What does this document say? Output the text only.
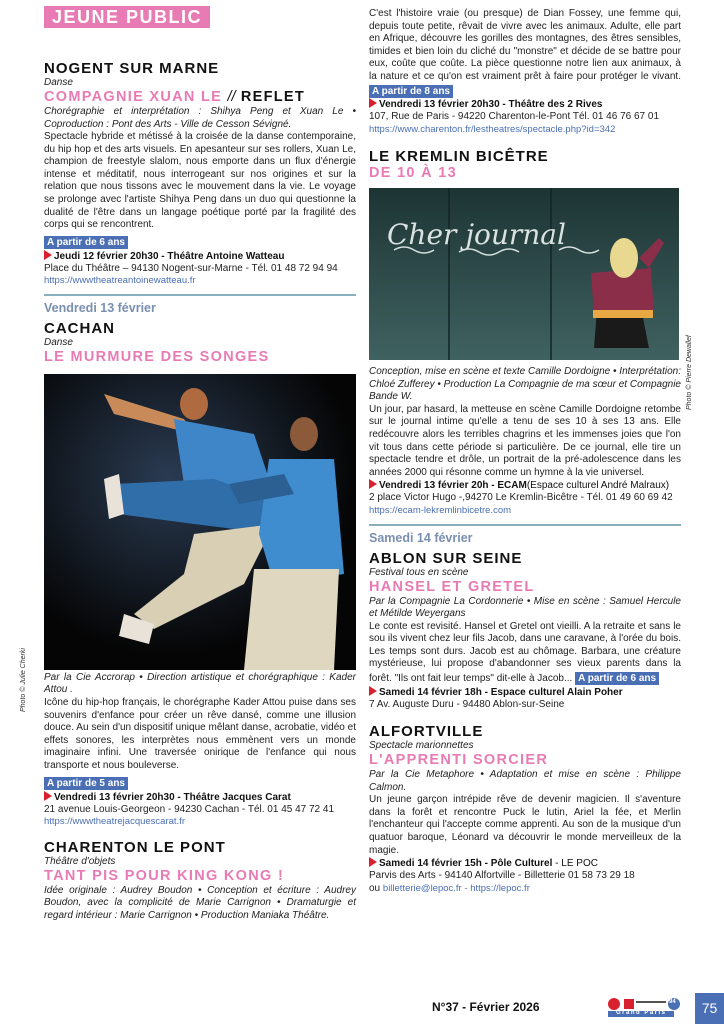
JEUNE PUBLIC
NOGENT SUR MARNE
Danse
COMPAGNIE XUAN LE // REFLET
Chorégraphie et interprétation : Shihya Peng et Xuan Le • Coproduction : Pont des Arts - Ville de Cesson Sévigné.
Spectacle hybride et métissé à la croisée de la danse contemporaine, du hip hop et des arts visuels. En apesanteur sur ses rollers, Xuan Le, champion de freestyle slalom, nous emporte dans un flux d'énergie intense et méditatif, nous interrogeant sur nos origines et sur la relation que nous tissons avec le mouvement dans la vie. Le voyage se prolonge avec l'artiste Shihya Peng dans un duo qui questionne la dualité de l'être dans un langage poétique porté par la fragilité des corps qui se rencontrent.
A partir de 6 ans
Jeudi 12 février 20h30 - Théâtre Antoine Watteau
Place du Théâtre – 94130 Nogent-sur-Marne - Tél. 01 48 72 94 94
https://wwwtheatreantoinewatteau.fr
Vendredi 13 février
CACHAN
Danse
LE MURMURE DES SONGES
Par la Cie Accrorap • Direction artistique et chorégraphique : Kader Attou .
Icône du hip-hop français, le chorégraphe Kader Attou puise dans ses souvenirs d'enfance pour créer un rêve dansé, comme une illusion douce. Au sein d'un dispositif unique mêlant danse, acrobatie, vidéo et effets sonores, les interprètes nous emmènent vers un monde imaginaire infini. Une traversée onirique de l'enfance qui nous transporte et nous bouleverse.
A partir de 5 ans
Vendredi 13 février 20h30 - Théâtre Jacques Carat
21 avenue Louis-Georgeon - 94230 Cachan - Tél. 01 45 47 72 41
https://wwwtheatrejacquescarat.fr
CHARENTON LE PONT
Théâtre d'objets
TANT PIS POUR KING KONG !
Idée originale : Audrey Boudon • Conception et écriture : Audrey Boudon, avec la complicité de Marie Carrignon • Dramaturgie et regard intérieur : Marie Carrignon • Production Maniaka Théâtre.
Photo © Julie Cherki
C'est l'histoire vraie (ou presque) de Dian Fossey, une femme qui, depuis toute petite, rêvait de vivre avec les animaux. Adulte, elle part en Afrique, découvre les gorilles des montagnes, des êtres sensibles, timides et bien loin du cliché du "monstre" et décide de se battre pour eux, coûte que coûte. La pièce questionne notre lien aux animaux, à la nature et ce qu'on est vraiment prêt à faire pour protéger le vivant. A partir de 8 ans
Vendredi 13 février 20h30 - Théâtre des 2 Rives
107, Rue de Paris - 94220 Charenton-le-Pont Tél. 01 46 76 67 01
https://www.charenton.fr/lestheatres/spectacle.php?id=342
LE KREMLIN BICÊTRE
DE 10 À 13
Cher journal
Conception, mise en scène et texte Camille Dordoigne • Interprétation: Chloé Zufferey • Production La Compagnie de ma sœur et Compagnie Bande W.
Un jour, par hasard, la metteuse en scène Camille Dordoigne retombe sur le journal intime qu'elle a tenu de ses 10 à ses 13 ans. Elle redécouvre alors les terribles chagrins et les immenses joies que l'on vit tous dans cette période si particulière. De ce journal, elle tire un spectacle tendre et drôle, un portrait de la pré-adolescence dans les années 2000 qui résonne comme un hymne à la vie universel.
Vendredi 13 février 20h - ECAM(Espace culturel André Malraux)
2 place Victor Hugo -,94270 Le Kremlin-Bicêtre - Tél. 01 49 60 69 42
https://ecam-lekremlinbicetre.com
Samedi 14 février
ABLON SUR SEINE
Festival tous en scène
HANSEL ET GRETEL
Par la Compagnie La Cordonnerie • Mise en scène : Samuel Hercule et Métilde Weyergans
Le conte est revisité. Hansel et Gretel ont vieilli. A la retraite et sans le sou ils vivent chez leur fils Jacob, dans une caravane, à l'orée du bois. Les temps sont durs. Jacob est au chômage. Barbara, une créature mystérieuse, lui propose d'abandonner ses vieux parents dans la forêt. "Ils ont fait leur temps" dit-elle à Jacob... A partir de 6 ans
Samedi 14 février 18h - Espace culturel Alain Poher
7 Av. Auguste Duru - 94480 Ablon-sur-Seine
ALFORTVILLE
Spectacle marionnettes
L'APPRENTI SORCIER
Par la Cie Metaphore • Adaptation et mise en scène : Philippe Calmon.
Un jeune garçon intrépide rêve de devenir magicien. Il s'aventure dans la forêt et rencontre Puck le lutin, Ariel la fée, et Merlin l'enchanteur qui l'accepte comme apprenti. Au son de la musique d'un quatuor baroque, Léonard va découvrir le monde merveilleux de la magie.
Samedi 14 février 15h - Pôle Culturel - LE POC
Parvis des Arts - 94140 Alfortville - Billetterie 01 58 73 29 18
ou billetterie@lepoc.fr - https://lepoc.fr
Photo © Pierre Dewallef
N°37 - Février 2026	94
Grand Paris	75
